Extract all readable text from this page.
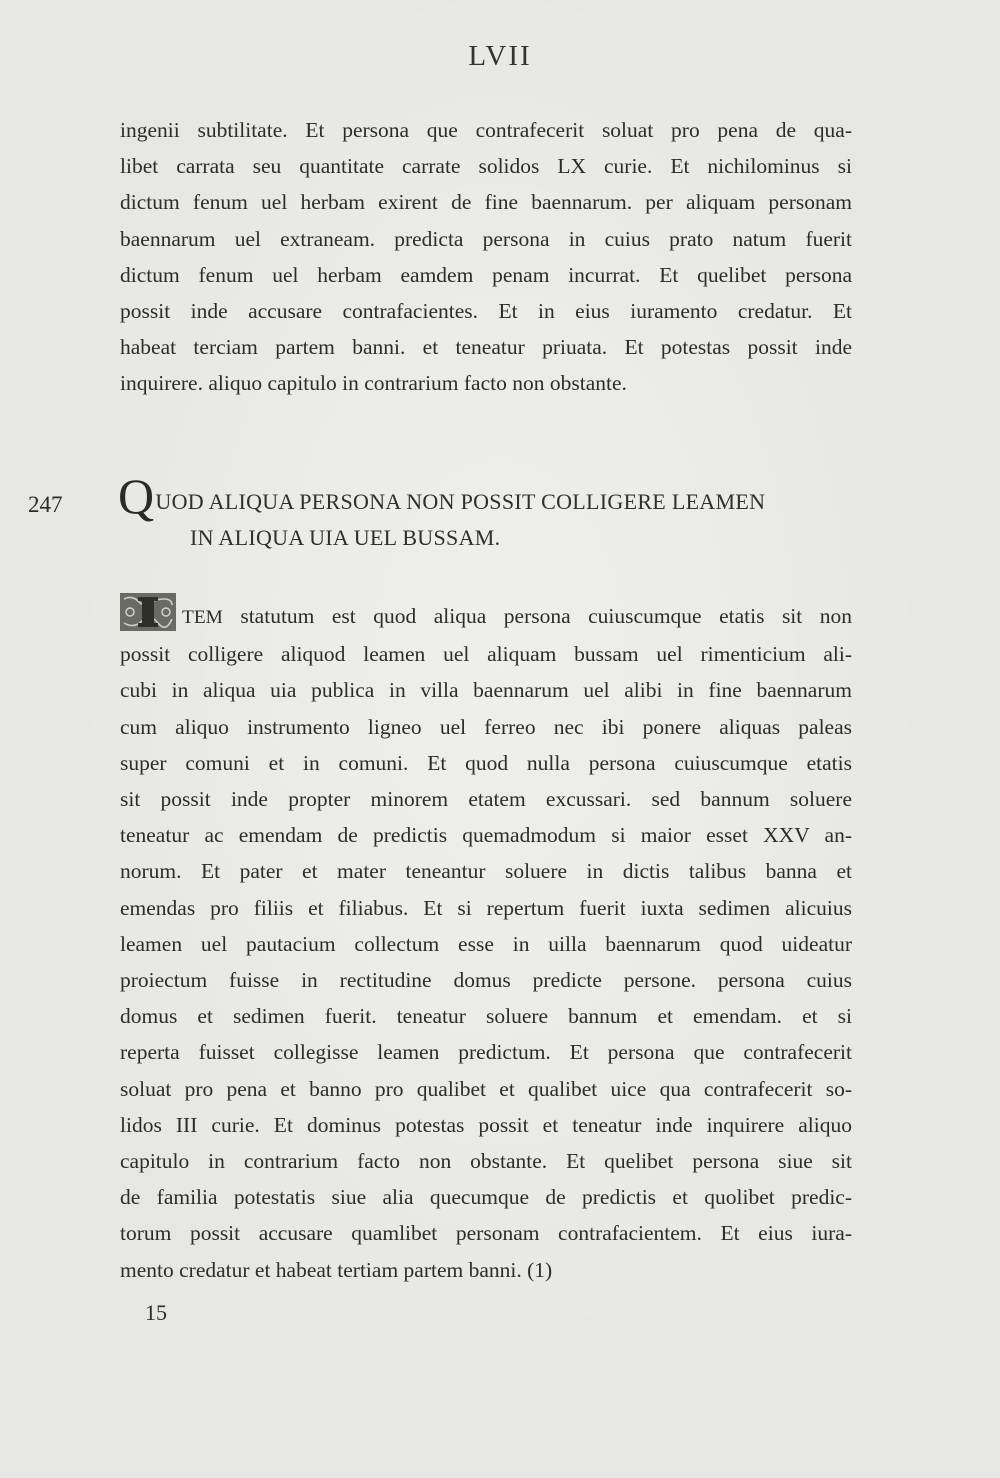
LVII
ingenii subtilitate. Et persona que contrafecerit soluat pro pena de qua-
libet carrata seu quantitate carrate solidos LX curie. Et nichilominus si
dictum fenum uel herbam exirent de fine baennarum. per aliquam personam
baennarum uel extraneam. predicta persona in cuius prato natum fuerit
dictum fenum uel herbam eamdem penam incurrat. Et quelibet persona
possit inde accusare contrafacientes. Et in eius iuramento credatur. Et
habeat terciam partem banni. et teneatur priuata. Et potestas possit inde
inquirere. aliquo capitulo in contrarium facto non obstante.
247 QUOD ALIQUA PERSONA NON POSSIT COLLIGERE LEAMEN
IN ALIQUA UIA UEL BUSSAM.
TEM statutum est quod aliqua persona cuiuscumque etatis sit non
possit colligere aliquod leamen uel aliquam bussam uel rimenticium ali-
cubi in aliqua uia publica in villa baennarum uel alibi in fine baennarum
cum aliquo instrumento ligneo uel ferreo nec ibi ponere aliquas paleas
super comuni et in comuni. Et quod nulla persona cuiuscumque etatis
sit possit inde propter minorem etatem excussari. sed bannum soluere
teneatur ac emendam de predictis quemadmodum si maior esset XXV an-
norum. Et pater et mater teneantur soluere in dictis talibus banna et
emendas pro filiis et filiabus. Et si repertum fuerit iuxta sedimen alicuius
leamen uel pautacium collectum esse in uilla baennarum quod uideatur
proiectum fuisse in rectitudine domus predicte persone. persona cuius
domus et sedimen fuerit. teneatur soluere bannum et emendam. et si
reperta fuisset collegisse leamen predictum. Et persona que contrafecerit
soluat pro pena et banno pro qualibet et qualibet uice qua contrafecerit so-
lidos III curie. Et dominus potestas possit et teneatur inde inquirere aliquo
capitulo in contrarium facto non obstante. Et quelibet persona siue sit
de familia potestatis siue alia quecumque de predictis et quolibet predic-
torum possit accusare quamlibet personam contrafacientem. Et eius iura-
mento credatur et habeat tertiam partem banni. (1)
15
